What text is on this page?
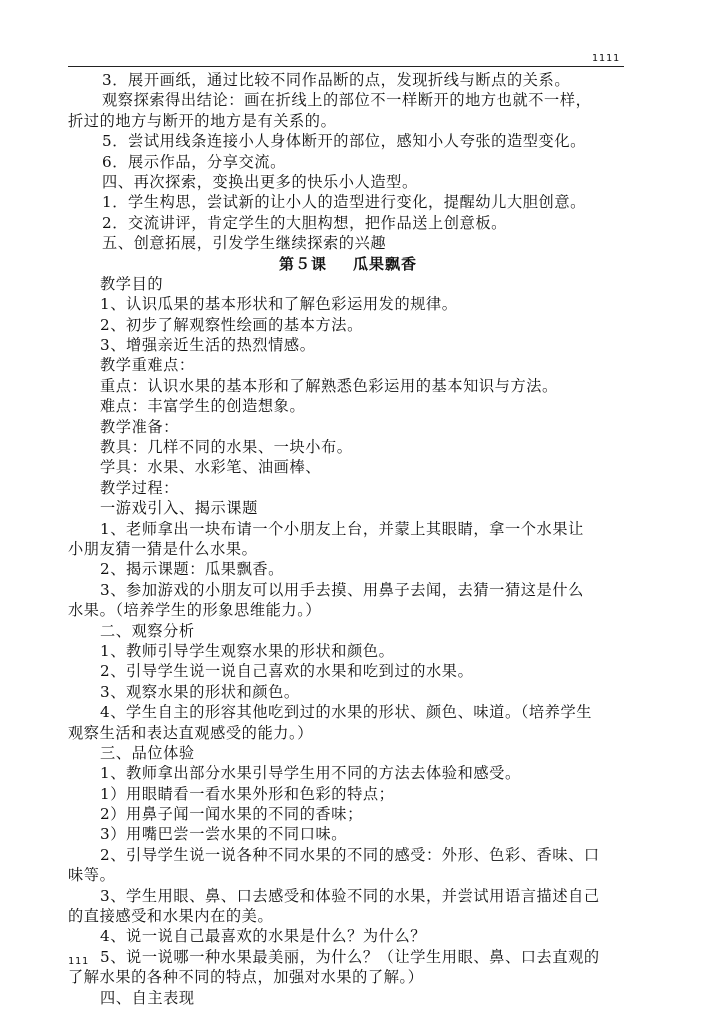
1111
3．展开画纸，通过比较不同作品断的点，发现折线与断点的关系。
观察探索得出结论：画在折线上的部位不一样断开的地方也就不一样，
折过的地方与断开的地方是有关系的。
5．尝试用线条连接小人身体断开的部位，感知小人夸张的造型变化。
6．展示作品，分享交流。
四、再次探索，变换出更多的快乐小人造型。
1．学生构思，尝试新的让小人的造型进行变化，提醒幼儿大胆创意。
2．交流讲评，肯定学生的大胆构想，把作品送上创意板。
五、创意拓展，引发学生继续探索的兴趣
第５课 瓜果飘香
教学目的
1、认识瓜果的基本形状和了解色彩运用发的规律。
2、初步了解观察性绘画的基本方法。
3、增强亲近生活的热烈情感。
教学重难点：
重点：认识水果的基本形和了解熟悉色彩运用的基本知识与方法。
难点：丰富学生的创造想象。
教学准备：
教具：几样不同的水果、一块小布。
学具：水果、水彩笔、油画棒、
教学过程：
一游戏引入、揭示课题
1、老师拿出一块布请一个小朋友上台，并蒙上其眼睛，拿一个水果让
小朋友猜一猜是什么水果。
2、揭示课题：瓜果飘香。
3、参加游戏的小朋友可以用手去摸、用鼻子去闻，去猜一猜这是什么
水果。（培养学生的形象思维能力。）
二、观察分析
1、教师引导学生观察水果的形状和颜色。
2、引导学生说一说自己喜欢的水果和吃到过的水果。
3、观察水果的形状和颜色。
4、学生自主的形容其他吃到过的水果的形状、颜色、味道。（培养学生
观察生活和表达直观感受的能力。）
三、品位体验
1、教师拿出部分水果引导学生用不同的方法去体验和感受。
1）用眼睛看一看水果外形和色彩的特点；
2）用鼻子闻一闻水果的不同的香味；
3）用嘴巴尝一尝水果的不同口味。
2、引导学生说一说各种不同水果的不同的感受：外形、色彩、香味、口
味等。
3、学生用眼、鼻、口去感受和体验不同的水果，并尝试用语言描述自己
的直接感受和水果内在的美。
4、说一说自己最喜欢的水果是什么？为什么？
5、说一说哪一种水果最美丽，为什么？（让学生用眼、鼻、口去直观的
了解水果的各种不同的特点，加强对水果的了解。）
四、自主表现
111
